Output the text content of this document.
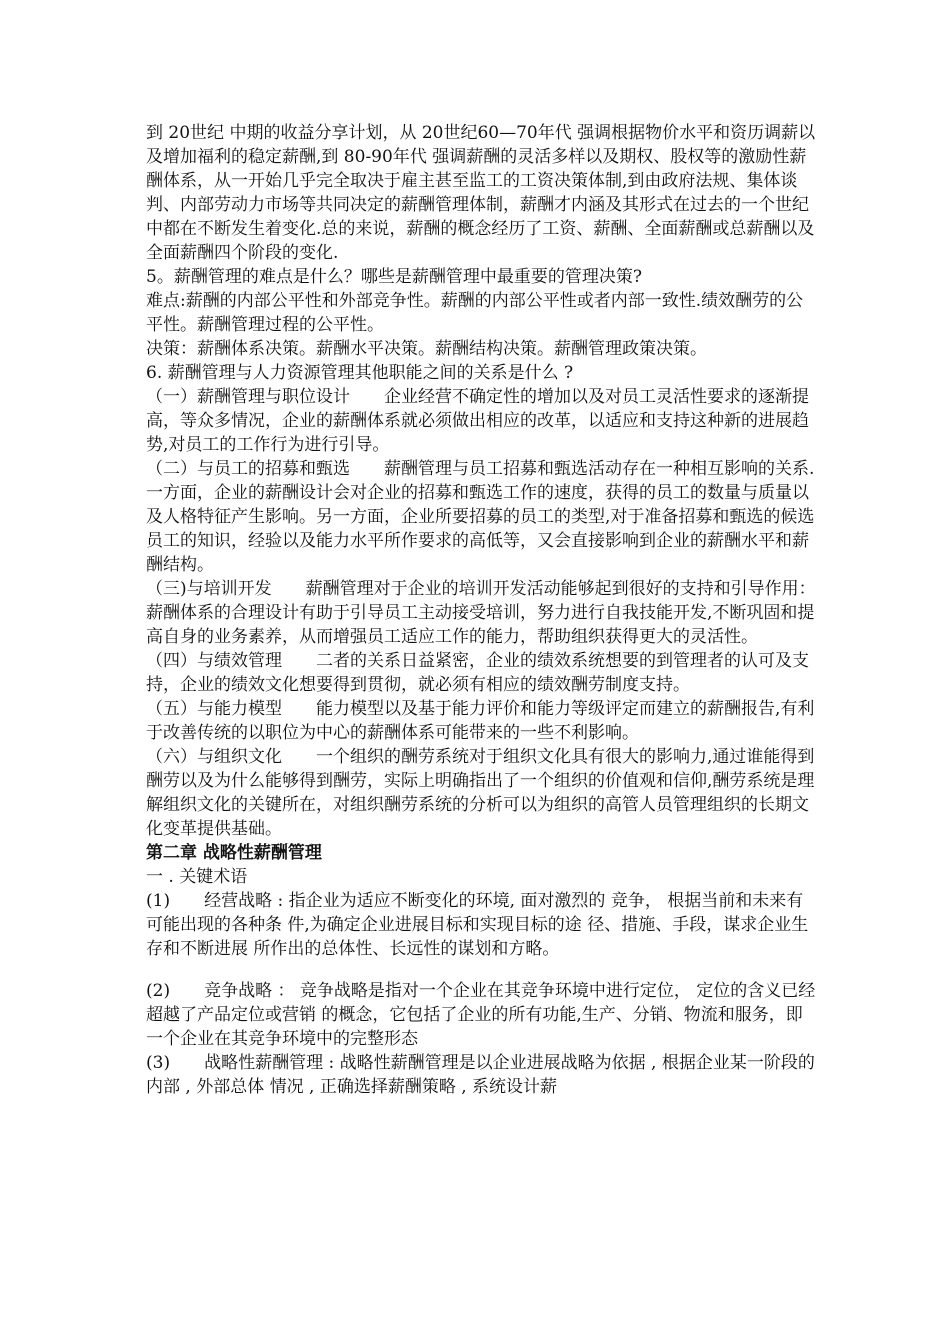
到 20世纪 中期的收益分享计划，从 20世纪60—70年代 强调根据物价水平和资历调薪以及增加福利的稳定薪酬,到 80-90年代 强调薪酬的灵活多样以及期权、股权等的激励性薪酬体系，从一开始几乎完全取决于雇主甚至监工的工资决策体制,到由政府法规、集体谈判、内部劳动力市场等共同决定的薪酬管理体制，薪酬才内涵及其形式在过去的一个世纪中都在不断发生着变化.总的来说，薪酬的概念经历了工资、薪酬、全面薪酬或总薪酬以及全面薪酬四个阶段的变化.

5。薪酬管理的难点是什么？哪些是薪酬管理中最重要的管理决策?

难点:薪酬的内部公平性和外部竞争性。薪酬的内部公平性或者内部一致性.绩效酬劳的公平性。薪酬管理过程的公平性。

决策：薪酬体系决策。薪酬水平决策。薪酬结构决策。薪酬管理政策决策。

6. 薪酬管理与人力资源管理其他职能之间的关系是什么 ?

（一）薪酬管理与职位设计　　企业经营不确定性的增加以及对员工灵活性要求的逐渐提高，等众多情况，企业的薪酬体系就必须做出相应的改革，以适应和支持这种新的进展趋势,对员工的工作行为进行引导。

（二）与员工的招募和甄选　　薪酬管理与员工招募和甄选活动存在一种相互影响的关系.一方面，企业的薪酬设计会对企业的招募和甄选工作的速度，获得的员工的数量与质量以及人格特征产生影响。另一方面，企业所要招募的员工的类型,对于准备招募和甄选的候选员工的知识，经验以及能力水平所作要求的高低等，又会直接影响到企业的薪酬水平和薪酬结构。

（三)与培训开发　　薪酬管理对于企业的培训开发活动能够起到很好的支持和引导作用：薪酬体系的合理设计有助于引导员工主动接受培训，努力进行自我技能开发,不断巩固和提高自身的业务素养，从而增强员工适应工作的能力，帮助组织获得更大的灵活性。

（四）与绩效管理　　二者的关系日益紧密，企业的绩效系统想要的到管理者的认可及支持，企业的绩效文化想要得到贯彻，就必须有相应的绩效酬劳制度支持。

（五）与能力模型　　能力模型以及基于能力评价和能力等级评定而建立的薪酬报告,有利于改善传统的以职位为中心的薪酬体系可能带来的一些不利影响。

（六）与组织文化　　一个组织的酬劳系统对于组织文化具有很大的影响力,通过谁能得到酬劳以及为什么能够得到酬劳，实际上明确指出了一个组织的价值观和信仰,酬劳系统是理解组织文化的关键所在，对组织酬劳系统的分析可以为组织的高管人员管理组织的长期文化变革提供基础。

第二章 战略性薪酬管理

一 . 关键术语

(1)　　经营战略 : 指企业为适应不断变化的环境, 面对激烈的 竞争， 根据当前和未来有可能出现的各种条 件,为确定企业进展目标和实现目标的途 径、措施、手段，谋求企业生存和不断进展 所作出的总体性、长远性的谋划和方略。

(2)　　竞争战略 ： 竞争战略是指对一个企业在其竞争环境中进行定位， 定位的含义已经超越了产品定位或营销 的概念，它包括了企业的所有功能,生产、分销、物流和服务，即一个企业在其竞争环境中的完整形态

(3)　　战略性薪酬管理 : 战略性薪酬管理是以企业进展战略为依据 , 根据企业某一阶段的内部 , 外部总体 情况 , 正确选择薪酬策略 , 系统设计薪
